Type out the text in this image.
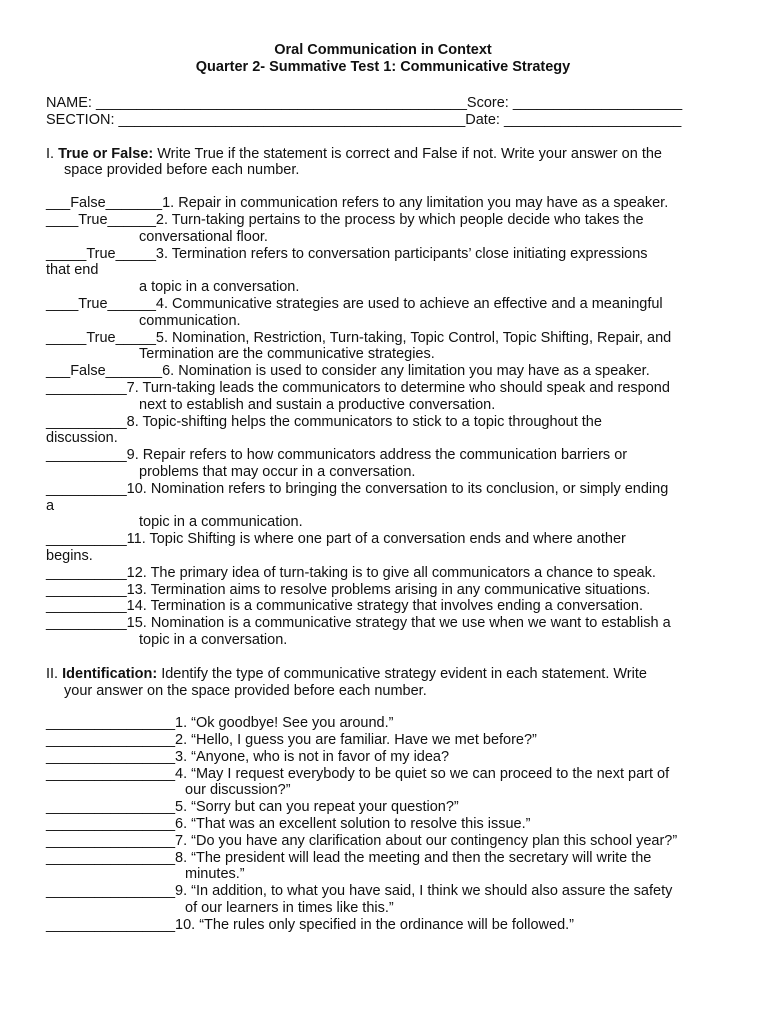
Oral Communication in Context
Quarter 2- Summative Test 1: Communicative Strategy
NAME: ______________________________________________Score: _____________________
SECTION: ___________________________________________Date: ______________________
I. True or False: Write True if the statement is correct and False if not. Write your answer on the
space provided before each number.
___False_______1. Repair in communication refers to any limitation you may have as a speaker.
____True______2. Turn-taking pertains to the process by which people decide who takes the
conversational floor.
_____True_____3. Termination refers to conversation participants’ close initiating expressions
that end
a topic in a conversation.
____True______4. Communicative strategies are used to achieve an effective and a meaningful
communication.
_____True_____5. Nomination, Restriction, Turn-taking, Topic Control, Topic Shifting, Repair, and
Termination are the communicative strategies.
___False_______6. Nomination is used to consider any limitation you may have as a speaker.
__________7. Turn-taking leads the communicators to determine who should speak and respond
next to establish and sustain a productive conversation.
__________8. Topic-shifting helps the communicators to stick to a topic throughout the
discussion.
__________9. Repair refers to how communicators address the communication barriers or
problems that may occur in a conversation.
__________10. Nomination refers to bringing the conversation to its conclusion, or simply ending
a
topic in a communication.
__________11. Topic Shifting is where one part of a conversation ends and where another
begins.
__________12. The primary idea of turn-taking is to give all communicators a chance to speak.
__________13. Termination aims to resolve problems arising in any communicative situations.
__________14. Termination is a communicative strategy that involves ending a conversation.
__________15. Nomination is a communicative strategy that we use when we want to establish a
topic in a conversation.
II. Identification: Identify the type of communicative strategy evident in each statement. Write
your answer on the space provided before each number.
________________1. “Ok goodbye! See you around.”
________________2. “Hello, I guess you are familiar. Have we met before?”
________________3. “Anyone, who is not in favor of my idea?
________________4. “May I request everybody to be quiet so we can proceed to the next part of
our discussion?”
________________5. “Sorry but can you repeat your question?”
________________6. “That was an excellent solution to resolve this issue.”
________________7. “Do you have any clarification about our contingency plan this school year?”
________________8. “The president will lead the meeting and then the secretary will write the
minutes.”
________________9. “In addition, to what you have said, I think we should also assure the safety
of our learners in times like this.”
________________10. “The rules only specified in the ordinance will be followed.”
